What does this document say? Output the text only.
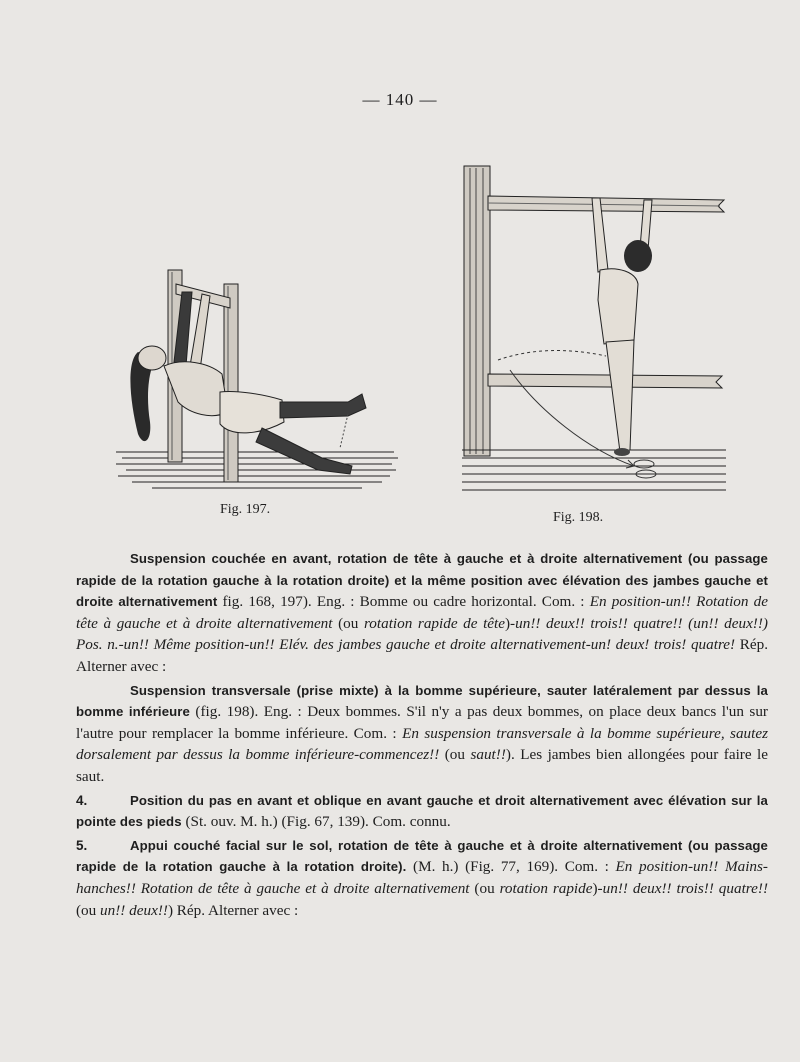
— 140 —
Fig. 197.
Fig. 198.

Suspension couchée en avant, rotation de tête à gauche et à droite alternativement (ou passage rapide de la rotation gauche à la rotation droite) et la même position avec élévation des jambes gauche et droite alternativement fig. 168, 197). Eng. : Bomme ou cadre horizontal. Com. : En position-un!! Rotation de tête à gauche et à droite alternativement (ou rotation rapide de tête)-un!! deux!! trois!! quatre!! (un!! deux!!) Pos. n.-un!! Même position-un!! Elév. des jambes gauche et droite alternativement-un! deux! trois! quatre! Rép. Alterner avec :

Suspension transversale (prise mixte) à la bomme supérieure, sauter latéralement par dessus la bomme inférieure (fig. 198). Eng. : Deux bommes. S'il n'y a pas deux bommes, on place deux bancs l'un sur l'autre pour remplacer la bomme inférieure. Com. : En suspension transversale à la bomme supérieure, sautez dorsalement par dessus la bomme inférieure-commencez!! (ou saut!!). Les jambes bien allongées pour faire le saut.

4.	Position du pas en avant et oblique en avant gauche et droit alternativement avec élévation sur la pointe des pieds (St. ouv. M. h.) (Fig. 67, 139). Com. connu.

5.	Appui couché facial sur le sol, rotation de tête à gauche et à droite alternativement (ou passage rapide de la rotation gauche à la rotation droite). (M. h.) (Fig. 77, 169). Com. : En position-un!! Mains-hanches!! Rotation de tête à gauche et à droite alternativement (ou rotation rapide)-un!! deux!! trois!! quatre!! (ou un!! deux!!) Rép. Alterner avec :
